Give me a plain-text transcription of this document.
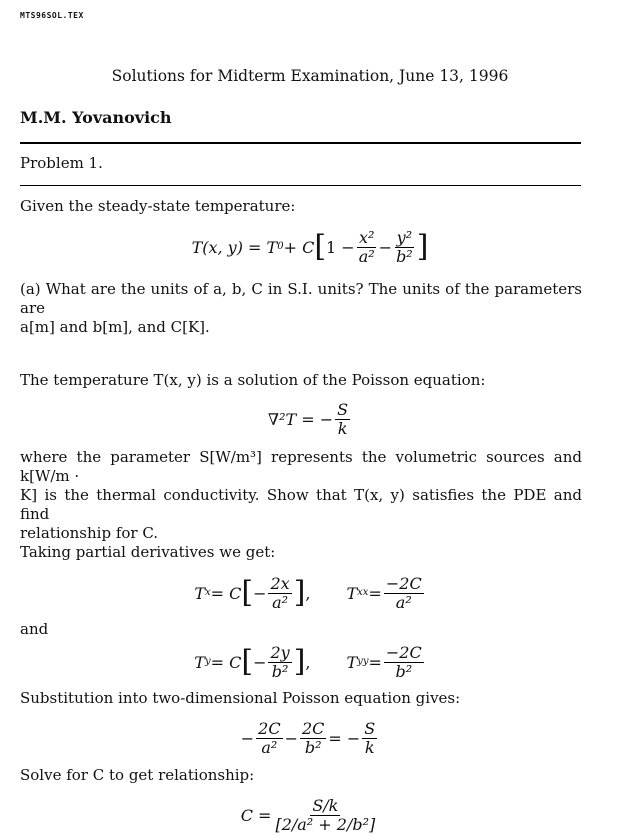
MTS96SOL.TEX
Solutions for Midterm Examination, June 13, 1996
M.M. Yovanovich
Problem 1.
Given the steady-state temperature:
T(x, y) = T 0 + C [ $1 - \frac{\text{x²}}{\text{a²}} - \frac{\text{y²}}{\text{b²}}$ ]
(a) What are the units of a, b, C in S.I. units? The units of the parameters are
a[m] and b[m], and C[K].
The temperature T(x, y) is a solution of the Poisson equation:
∇²T = − $\frac{S}{k}$
where the parameter S[W/m³] represents the volumetric sources and k[W/m ·
K] is the thermal conductivity. Show that T(x, y) satisfies the PDE and find
relationship for C.
Taking partial derivatives we get:
T x = C [ − $\frac{2x}{\text{a²}}$ ] , T xx = $\frac{-2C}{\text{a²}}$
and
T y = C [ − $\frac{2y}{\text{b²}}$ ] , T yy = $\frac{-2C}{\text{b²}}$
Substitution into two-dimensional Poisson equation gives:
− $\frac{2C}{\text{a²}} - \frac{2C}{\text{b²}}$ = − $\frac{S}{k}$
Solve for C to get relationship:
$C = \frac{S/k}{\text{[2/a² + 2/b²]}}$
